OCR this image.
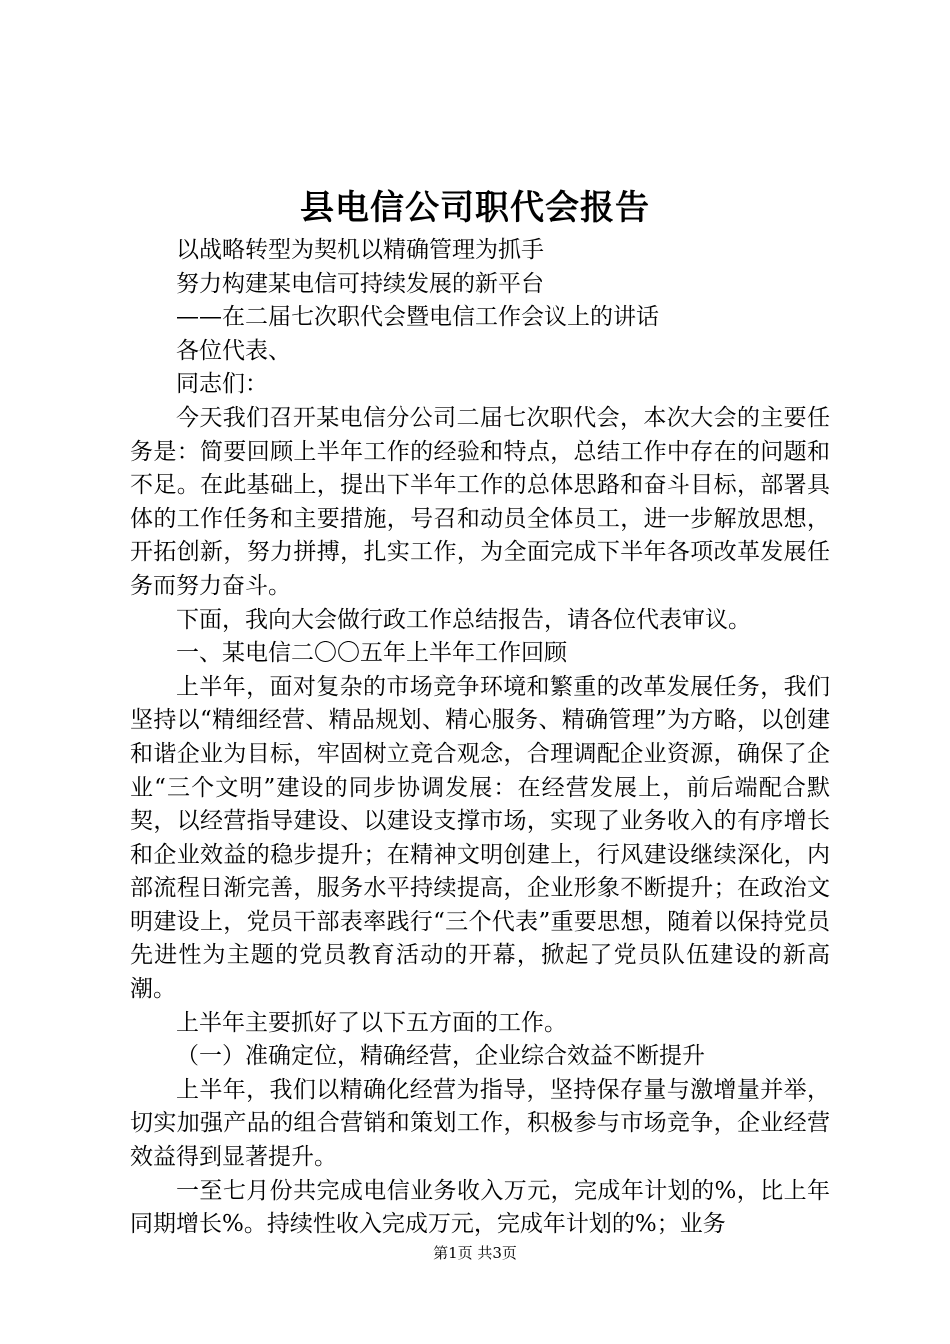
县电信公司职代会报告

以战略转型为契机以精确管理为抓手

努力构建某电信可持续发展的新平台

——在二届七次职代会暨电信工作会议上的讲话

各位代表、

同志们：

今天我们召开某电信分公司二届七次职代会，本次大会的主要任务是：简要回顾上半年工作的经验和特点，总结工作中存在的问题和不足。在此基础上，提出下半年工作的总体思路和奋斗目标，部署具体的工作任务和主要措施，号召和动员全体员工，进一步解放思想，开拓创新，努力拼搏，扎实工作，为全面完成下半年各项改革发展任务而努力奋斗。

下面，我向大会做行政工作总结报告，请各位代表审议。

一、某电信二〇〇五年上半年工作回顾

上半年，面对复杂的市场竞争环境和繁重的改革发展任务，我们坚持以“精细经营、精品规划、精心服务、精确管理”为方略，以创建和谐企业为目标，牢固树立竞合观念，合理调配企业资源，确保了企业“三个文明”建设的同步协调发展：在经营发展上，前后端配合默契，以经营指导建设、以建设支撑市场，实现了业务收入的有序增长和企业效益的稳步提升；在精神文明创建上，行风建设继续深化，内部流程日渐完善，服务水平持续提高，企业形象不断提升；在政治文明建设上，党员干部表率践行“三个代表”重要思想，随着以保持党员先进性为主题的党员教育活动的开幕，掀起了党员队伍建设的新高潮。

上半年主要抓好了以下五方面的工作。

（一）准确定位，精确经营，企业综合效益不断提升

上半年，我们以精确化经营为指导，坚持保存量与激增量并举，切实加强产品的组合营销和策划工作，积极参与市场竞争，企业经营效益得到显著提升。

一至七月份共完成电信业务收入万元，完成年计划的%，比上年同期增长%。持续性收入完成万元，完成年计划的%；业务

第1页 共3页
